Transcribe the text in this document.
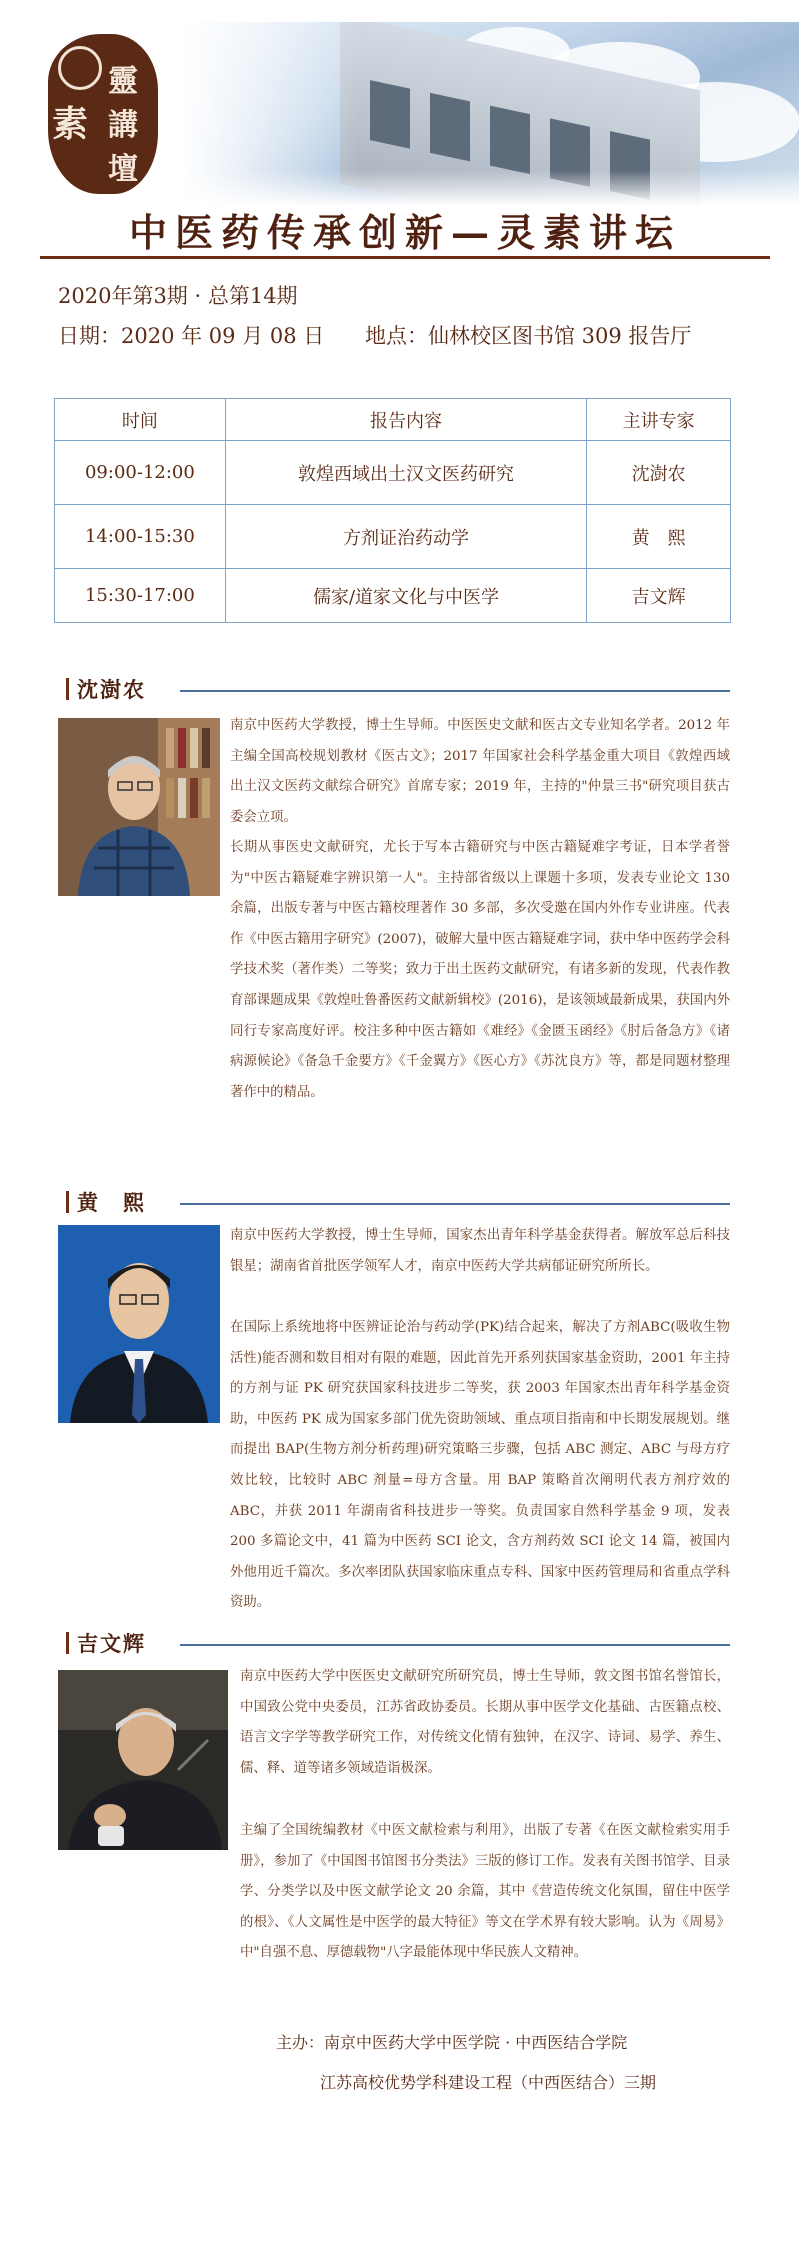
素
靈
講
壇
中医药传承创新—灵素讲坛
2020年第3期 · 总第14期
日期：2020 年 09 月 08 日 地点：仙林校区图书馆 309 报告厅
时间	报告内容	主讲专家
09:00-12:00	敦煌西域出土汉文医药研究	沈澍农
14:00-15:30	方剂证治药动学	黄　熙
15:30-17:00	儒家/道家文化与中医学	吉文辉
沈澍农

南京中医药大学教授，博士生导师。中医医史文献和医古文专业知名学者。2012 年主编全国高校规划教材《医古文》；2017 年国家社会科学基金重大项目《敦煌西域出土汉文医药文献综合研究》首席专家；2019 年，主持的"仲景三书"研究项目获古委会立项。

长期从事医史文献研究，尤长于写本古籍研究与中医古籍疑难字考证，日本学者誉为"中医古籍疑难字辨识第一人"。主持部省级以上课题十多项，发表专业论文 130 余篇，出版专著与中医古籍校理著作 30 多部，多次受邀在国内外作专业讲座。代表作《中医古籍用字研究》(2007)，破解大量中医古籍疑难字词，获中华中医药学会科学技术奖（著作类）二等奖；致力于出土医药文献研究，有诸多新的发现，代表作教育部课题成果《敦煌吐鲁番医药文献新辑校》(2016)，是该领域最新成果，获国内外同行专家高度好评。校注多种中医古籍如《难经》《金匮玉函经》《肘后备急方》《诸病源候论》《备急千金要方》《千金翼方》《医心方》《苏沈良方》等，都是同题材整理著作中的精品。

黄　熙

南京中医药大学教授，博士生导师，国家杰出青年科学基金获得者。解放军总后科技银星；湖南省首批医学领军人才，南京中医药大学共病郁证研究所所长。

在国际上系统地将中医辨证论治与药动学(PK)结合起来，解决了方剂ABC(吸收生物活性)能否测和数目相对有限的难题，因此首先开系列获国家基金资助，2001 年主持的方剂与证 PK 研究获国家科技进步二等奖，获 2003 年国家杰出青年科学基金资助，中医药 PK 成为国家多部门优先资助领域、重点项目指南和中长期发展规划。继而提出 BAP(生物方剂分析药理)研究策略三步骤，包括 ABC 测定、ABC 与母方疗效比较，比较时 ABC 剂量=母方含量。用 BAP 策略首次阐明代表方剂疗效的 ABC，并获 2011 年湖南省科技进步一等奖。负责国家自然科学基金 9 项，发表 200 多篇论文中，41 篇为中医药 SCI 论文，含方剂药效 SCI 论文 14 篇，被国内外他用近千篇次。多次率团队获国家临床重点专科、国家中医药管理局和省重点学科资助。

吉文辉

南京中医药大学中医医史文献研究所研究员，博士生导师，敦文图书馆名誉馆长，中国致公党中央委员，江苏省政协委员。长期从事中医学文化基础、古医籍点校、语言文字学等教学研究工作，对传统文化情有独钟，在汉字、诗词、易学、养生、儒、释、道等诸多领域造诣极深。

主编了全国统编教材《中医文献检索与利用》，出版了专著《在医文献检索实用手册》，参加了《中国图书馆图书分类法》三版的修订工作。发表有关图书馆学、目录学、分类学以及中医文献学论文 20 余篇，其中《营造传统文化氛围，留住中医学的根》、《人文属性是中医学的最大特征》等文在学术界有较大影响。认为《周易》中"自强不息、厚德载物"八字最能体现中华民族人文精神。

主办：南京中医药大学中医学院 · 中西医结合学院
江苏高校优势学科建设工程（中西医结合）三期
